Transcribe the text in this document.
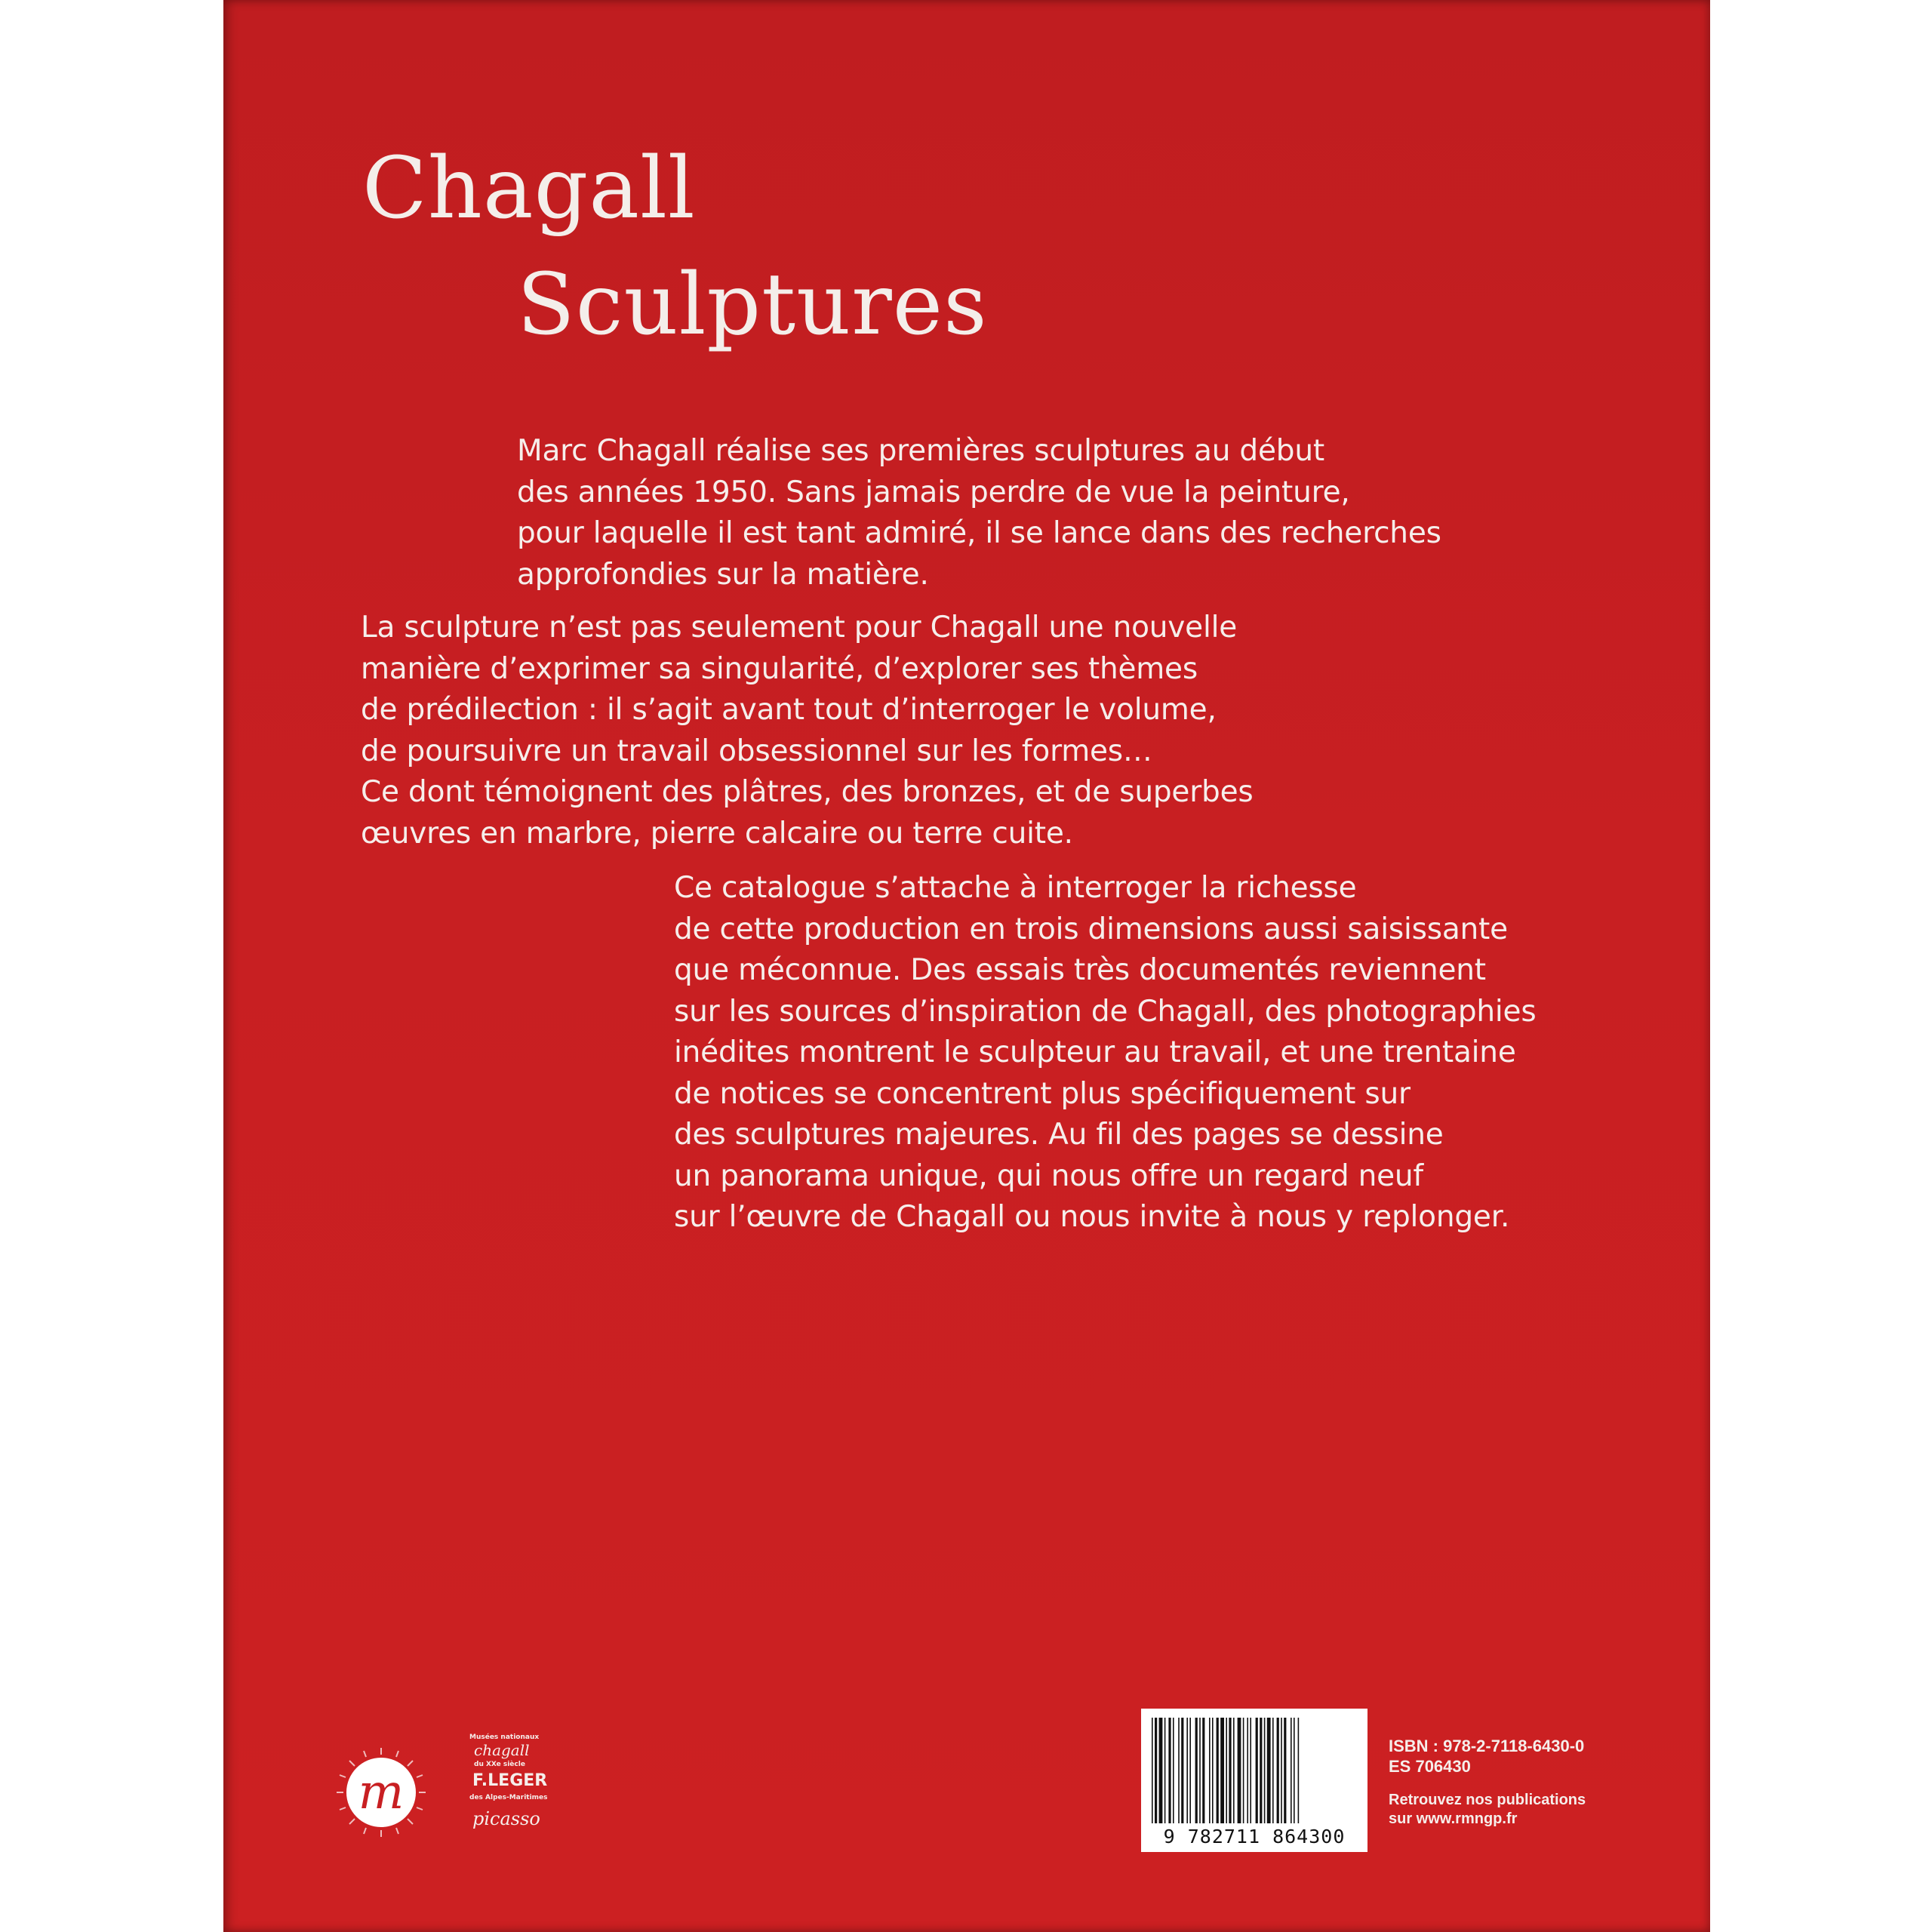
Chagall
Sculptures

Marc Chagall réalise ses premières sculptures au début
des années 1950. Sans jamais perdre de vue la peinture,
pour laquelle il est tant admiré, il se lance dans des recherches
approfondies sur la matière.

La sculpture n’est pas seulement pour Chagall une nouvelle
manière d’exprimer sa singularité, d’explorer ses thèmes
de prédilection : il s’agit avant tout d’interroger le volume,
de poursuivre un travail obsessionnel sur les formes…
Ce dont témoignent des plâtres, des bronzes, et de superbes
œuvres en marbre, pierre calcaire ou terre cuite.

Ce catalogue s’attache à interroger la richesse
de cette production en trois dimensions aussi saisissante
que méconnue. Des essais très documentés reviennent
sur les sources d’inspiration de Chagall, des photographies
inédites montrent le sculpteur au travail, et une trentaine
de notices se concentrent plus spécifiquement sur
des sculptures majeures. Au fil des pages se dessine
un panorama unique, qui nous offre un regard neuf
sur l’œuvre de Chagall ou nous invite à nous y replonger.

m
Musées nationaux
chagall
du XXe siècle
F.LEGER
des Alpes-Maritimes
picasso
9 782711 864300
ISBN : 978-2-7118-6430-0
ES 706430
Retrouvez nos publications
sur www.rmngp.fr
